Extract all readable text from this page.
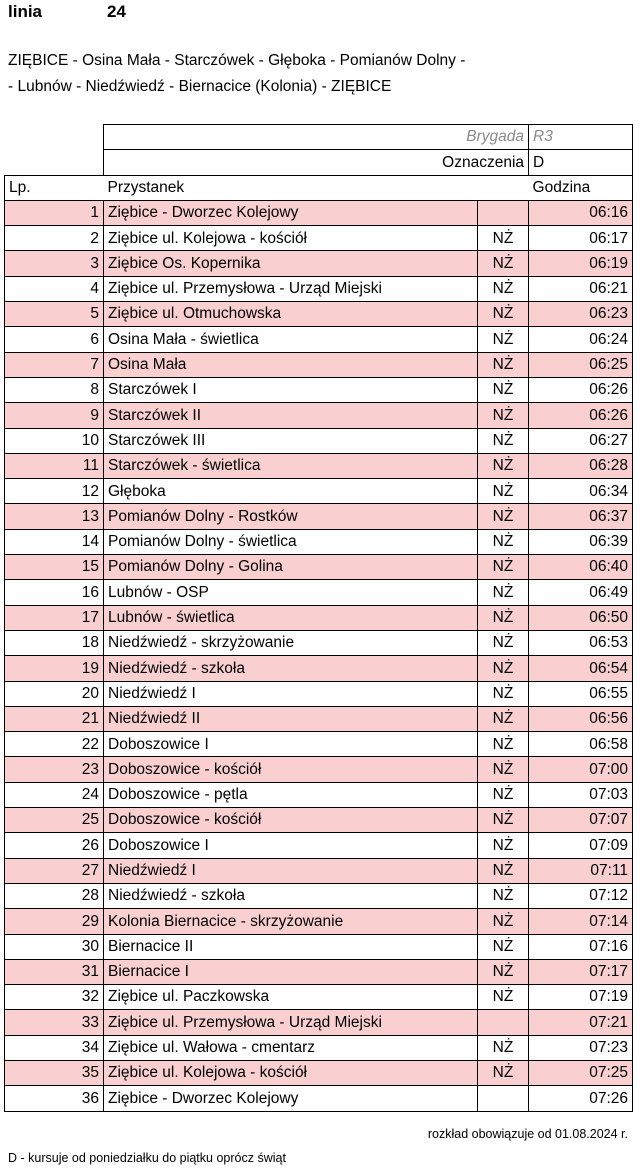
linia	24
ZIĘBICE - Osina Mała - Starczówek - Głęboka - Pomianów Dolny -
- Lubnów - Niedźwiedź - Biernacice (Kolonia) - ZIĘBICE
	Brygada		R3
	Oznaczenia		D
Lp.	Przystanek		Godzina
1	Ziębice - Dworzec Kolejowy		06:16
2	Ziębice ul. Kolejowa - kościół	NŻ	06:17
3	Ziębice Os. Kopernika	NŻ	06:19
4	Ziębice ul. Przemysłowa - Urząd Miejski	NŻ	06:21
5	Ziębice ul. Otmuchowska	NŻ	06:23
6	Osina Mała - świetlica	NŻ	06:24
7	Osina Mała	NŻ	06:25
8	Starczówek I	NŻ	06:26
9	Starczówek II	NŻ	06:26
10	Starczówek III	NŻ	06:27
11	Starczówek - świetlica	NŻ	06:28
12	Głęboka	NŻ	06:34
13	Pomianów Dolny - Rostków	NŻ	06:37
14	Pomianów Dolny - świetlica	NŻ	06:39
15	Pomianów Dolny - Golina	NŻ	06:40
16	Lubnów - OSP	NŻ	06:49
17	Lubnów - świetlica	NŻ	06:50
18	Niedźwiedź - skrzyżowanie	NŻ	06:53
19	Niedźwiedź - szkoła	NŻ	06:54
20	Niedźwiedź I	NŻ	06:55
21	Niedźwiedź II	NŻ	06:56
22	Doboszowice I	NŻ	06:58
23	Doboszowice - kościół	NŻ	07:00
24	Doboszowice - pętla	NŻ	07:03
25	Doboszowice - kościół	NŻ	07:07
26	Doboszowice I	NŻ	07:09
27	Niedźwiedź I	NŻ	07:11
28	Niedźwiedź - szkoła	NŻ	07:12
29	Kolonia Biernacice - skrzyżowanie	NŻ	07:14
30	Biernacice II	NŻ	07:16
31	Biernacice I	NŻ	07:17
32	Ziębice ul. Paczkowska	NŻ	07:19
33	Ziębice ul. Przemysłowa - Urząd Miejski		07:21
34	Ziębice ul. Wałowa - cmentarz	NŻ	07:23
35	Ziębice ul. Kolejowa - kościół	NŻ	07:25
36	Ziębice - Dworzec Kolejowy		07:26
rozkład obowiązuje od 01.08.2024 r.
D - kursuje od poniedziałku do piątku oprócz świąt
